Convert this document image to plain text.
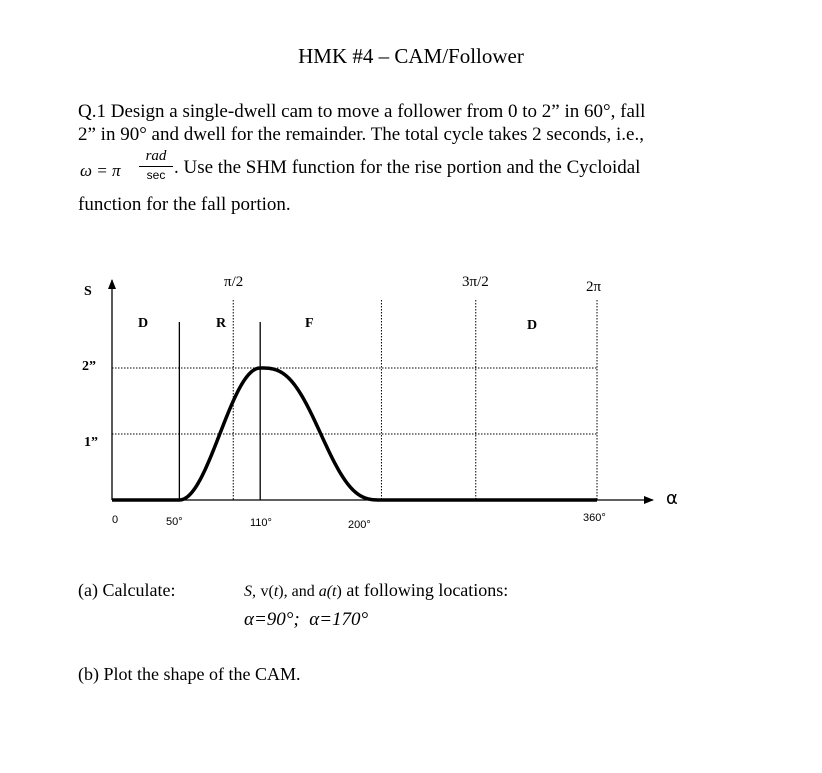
HMK #4 – CAM/Follower
Q.1 Design a single-dwell cam to move a follower from 0 to 2” in 60°, fall
2” in 90° and dwell for the remainder. The total cycle takes 2 seconds, i.e.,
ω = π
rad
sec . Use the SHM function for the rise portion and the Cycloidal
function for the fall portion.
S
α
π/2	3π/2	2π
D	R	F	D
2”
1”
0	50°	110°	200°
360°
(a) Calculate:	S, v(t), and a(t) at following locations:
α=90°; α=170°
(b) Plot the shape of the CAM.
